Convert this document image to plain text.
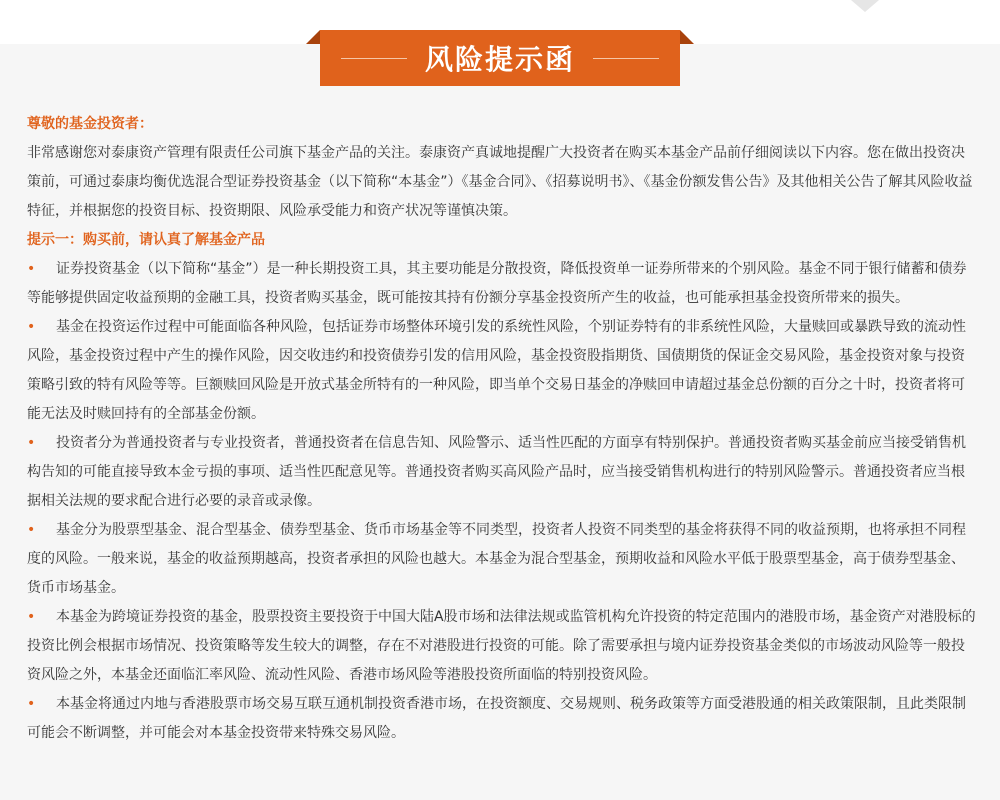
风险提示函

尊敬的基金投资者：

非常感谢您对泰康资产管理有限责任公司旗下基金产品的关注。泰康资产真诚地提醒广大投资者在购买本基金产品前仔细阅读以下内容。您在做出投资决策前，可通过泰康均衡优选混合型证券投资基金（以下简称“本基金”）《基金合同》、《招募说明书》、《基金份额发售公告》及其他相关公告了解其风险收益特征，并根据您的投资目标、投资期限、风险承受能力和资产状况等谨慎决策。

提示一：购买前，请认真了解基金产品

• 证券投资基金（以下简称“基金”）是一种长期投资工具，其主要功能是分散投资，降低投资单一证券所带来的个别风险。基金不同于银行储蓄和债券等能够提供固定收益预期的金融工具，投资者购买基金，既可能按其持有份额分享基金投资所产生的收益，也可能承担基金投资所带来的损失。

• 基金在投资运作过程中可能面临各种风险，包括证券市场整体环境引发的系统性风险，个别证券特有的非系统性风险，大量赎回或暴跌导致的流动性风险，基金投资过程中产生的操作风险，因交收违约和投资债券引发的信用风险，基金投资股指期货、国债期货的保证金交易风险，基金投资对象与投资策略引致的特有风险等等。巨额赎回风险是开放式基金所特有的一种风险，即当单个交易日基金的净赎回申请超过基金总份额的百分之十时，投资者将可能无法及时赎回持有的全部基金份额。

• 投资者分为普通投资者与专业投资者，普通投资者在信息告知、风险警示、适当性匹配的方面享有特别保护。普通投资者购买基金前应当接受销售机构告知的可能直接导致本金亏损的事项、适当性匹配意见等。普通投资者购买高风险产品时，应当接受销售机构进行的特别风险警示。普通投资者应当根据相关法规的要求配合进行必要的录音或录像。

• 基金分为股票型基金、混合型基金、债券型基金、货币市场基金等不同类型，投资者人投资不同类型的基金将获得不同的收益预期，也将承担不同程度的风险。一般来说，基金的收益预期越高，投资者承担的风险也越大。本基金为混合型基金，预期收益和风险水平低于股票型基金，高于债券型基金、货币市场基金。

• 本基金为跨境证券投资的基金，股票投资主要投资于中国大陆A股市场和法律法规或监管机构允许投资的特定范围内的港股市场，基金资产对港股标的投资比例会根据市场情况、投资策略等发生较大的调整，存在不对港股进行投资的可能。除了需要承担与境内证券投资基金类似的市场波动风险等一般投资风险之外，本基金还面临汇率风险、流动性风险、香港市场风险等港股投资所面临的特别投资风险。

• 本基金将通过内地与香港股票市场交易互联互通机制投资香港市场，在投资额度、交易规则、税务政策等方面受港股通的相关政策限制，且此类限制可能会不断调整，并可能会对本基金投资带来特殊交易风险。
